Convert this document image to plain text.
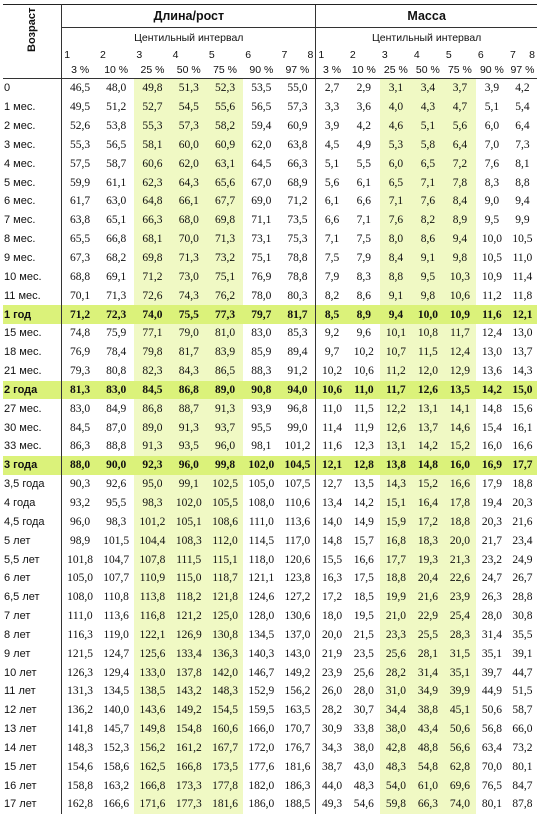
Возраст	Длина/рост							Масса						
	Центильный интервал							Центильный интервал						
	1	2	3	4	5	6	7 8	1	2	3	4	5	6	7 8

	3 %	10 %	25 %	50 %	75 %	90 %	97 %	3 %	10 %	25 %	50 %	75 %	90 %	97 %
0	46,5	48,0	49,8	51,3	52,3	53,5	55,0	2,7	2,9	3,1	3,4	3,7	3,9	4,2
1 мес.	49,5	51,2	52,7	54,5	55,6	56,5	57,3	3,3	3,6	4,0	4,3	4,7	5,1	5,4
2 мес.	52,6	53,8	55,3	57,3	58,2	59,4	60,9	3,9	4,2	4,6	5,1	5,6	6,0	6,4
3 мес.	55,3	56,5	58,1	60,0	60,9	62,0	63,8	4,5	4,9	5,3	5,8	6,4	7,0	7,3
4 мес.	57,5	58,7	60,6	62,0	63,1	64,5	66,3	5,1	5,5	6,0	6,5	7,2	7,6	8,1
5 мес.	59,9	61,1	62,3	64,3	65,6	67,0	68,9	5,6	6,1	6,5	7,1	7,8	8,3	8,8
6 мес.	61,7	63,0	64,8	66,1	67,7	69,0	71,2	6,1	6,6	7,1	7,6	8,4	9,0	9,4
7 мес.	63,8	65,1	66,3	68,0	69,8	71,1	73,5	6,6	7,1	7,6	8,2	8,9	9,5	9,9
8 мес.	65,5	66,8	68,1	70,0	71,3	73,1	75,3	7,1	7,5	8,0	8,6	9,4	10,0	10,5
9 мес.	67,3	68,2	69,8	71,3	73,2	75,1	78,8	7,5	7,9	8,4	9,1	9,8	10,5	11,0
10 мес.	68,8	69,1	71,2	73,0	75,1	76,9	78,8	7,9	8,3	8,8	9,5	10,3	10,9	11,4
11 мес.	70,1	71,3	72,6	74,3	76,2	78,0	80,3	8,2	8,6	9,1	9,8	10,6	11,2	11,8
1 год	71,2	72,3	74,0	75,5	77,3	79,7	81,7	8,5	8,9	9,4	10,0	10,9	11,6	12,1
15 мес.	74,8	75,9	77,1	79,0	81,0	83,0	85,3	9,2	9,6	10,1	10,8	11,7	12,4	13,0
18 мес.	76,9	78,4	79,8	81,7	83,9	85,9	89,4	9,7	10,2	10,7	11,5	12,4	13,0	13,7
21 мес.	79,3	80,8	82,3	84,3	86,5	88,3	91,2	10,2	10,6	11,2	12,0	12,9	13,6	14,3
2 года	81,3	83,0	84,5	86,8	89,0	90,8	94,0	10,6	11,0	11,7	12,6	13,5	14,2	15,0
27 мес.	83,0	84,9	86,8	88,7	91,3	93,9	96,8	11,0	11,5	12,2	13,1	14,1	14,8	15,6
30 мес.	84,5	87,0	89,0	91,3	93,7	95,5	99,0	11,4	11,9	12,6	13,7	14,6	15,4	16,1
33 мес.	86,3	88,8	91,3	93,5	96,0	98,1	101,2	11,6	12,3	13,1	14,2	15,2	16,0	16,6
3 года	88,0	90,0	92,3	96,0	99,8	102,0	104,5	12,1	12,8	13,8	14,8	16,0	16,9	17,7
3,5 года	90,3	92,6	95,0	99,1	102,5	105,0	107,5	12,7	13,5	14,3	15,2	16,6	17,9	18,8
4 года	93,2	95,5	98,3	102,0	105,5	108,0	110,6	13,4	14,2	15,1	16,4	17,8	19,4	20,3
4,5 года	96,0	98,3	101,2	105,1	108,6	111,0	113,6	14,0	14,9	15,9	17,2	18,8	20,3	21,6
5 лет	98,9	101,5	104,4	108,3	112,0	114,5	117,0	14,8	15,7	16,8	18,3	20,0	21,7	23,4
5,5 лет	101,8	104,7	107,8	111,5	115,1	118,0	120,6	15,5	16,6	17,7	19,3	21,3	23,2	24,9
6 лет	105,0	107,7	110,9	115,0	118,7	121,1	123,8	16,3	17,5	18,8	20,4	22,6	24,7	26,7
6,5 лет	108,0	110,8	113,8	118,2	121,8	124,6	127,2	17,2	18,5	19,9	21,6	23,9	26,3	28,8
7 лет	111,0	113,6	116,8	121,2	125,0	128,0	130,6	18,0	19,5	21,0	22,9	25,4	28,0	30,8
8 лет	116,3	119,0	122,1	126,9	130,8	134,5	137,0	20,0	21,5	23,3	25,5	28,3	31,4	35,5
9 лет	121,5	124,7	125,6	133,4	136,3	140,3	143,0	21,9	23,5	25,6	28,1	31,5	35,1	39,1
10 лет	126,3	129,4	133,0	137,8	142,0	146,7	149,2	23,9	25,6	28,2	31,4	35,1	39,7	44,7
11 лет	131,3	134,5	138,5	143,2	148,3	152,9	156,2	26,0	28,0	31,0	34,9	39,9	44,9	51,5
12 лет	136,2	140,0	143,6	149,2	154,5	159,5	163,5	28,2	30,7	34,4	38,8	45,1	50,6	58,7
13 лет	141,8	145,7	149,8	154,8	160,6	166,0	170,7	30,9	33,8	38,0	43,4	50,6	56,8	66,0
14 лет	148,3	152,3	156,2	161,2	167,7	172,0	176,7	34,3	38,0	42,8	48,8	56,6	63,4	73,2
15 лет	154,6	158,6	162,5	166,8	173,5	177,6	181,6	38,7	43,0	48,3	54,8	62,8	70,0	80,1
16 лет	158,8	163,2	166,8	173,3	177,8	182,0	186,3	44,0	48,3	54,0	61,0	69,6	76,5	84,7
17 лет	162,8	166,6	171,6	177,3	181,6	186,0	188,5	49,3	54,6	59,8	66,3	74,0	80,1	87,8
